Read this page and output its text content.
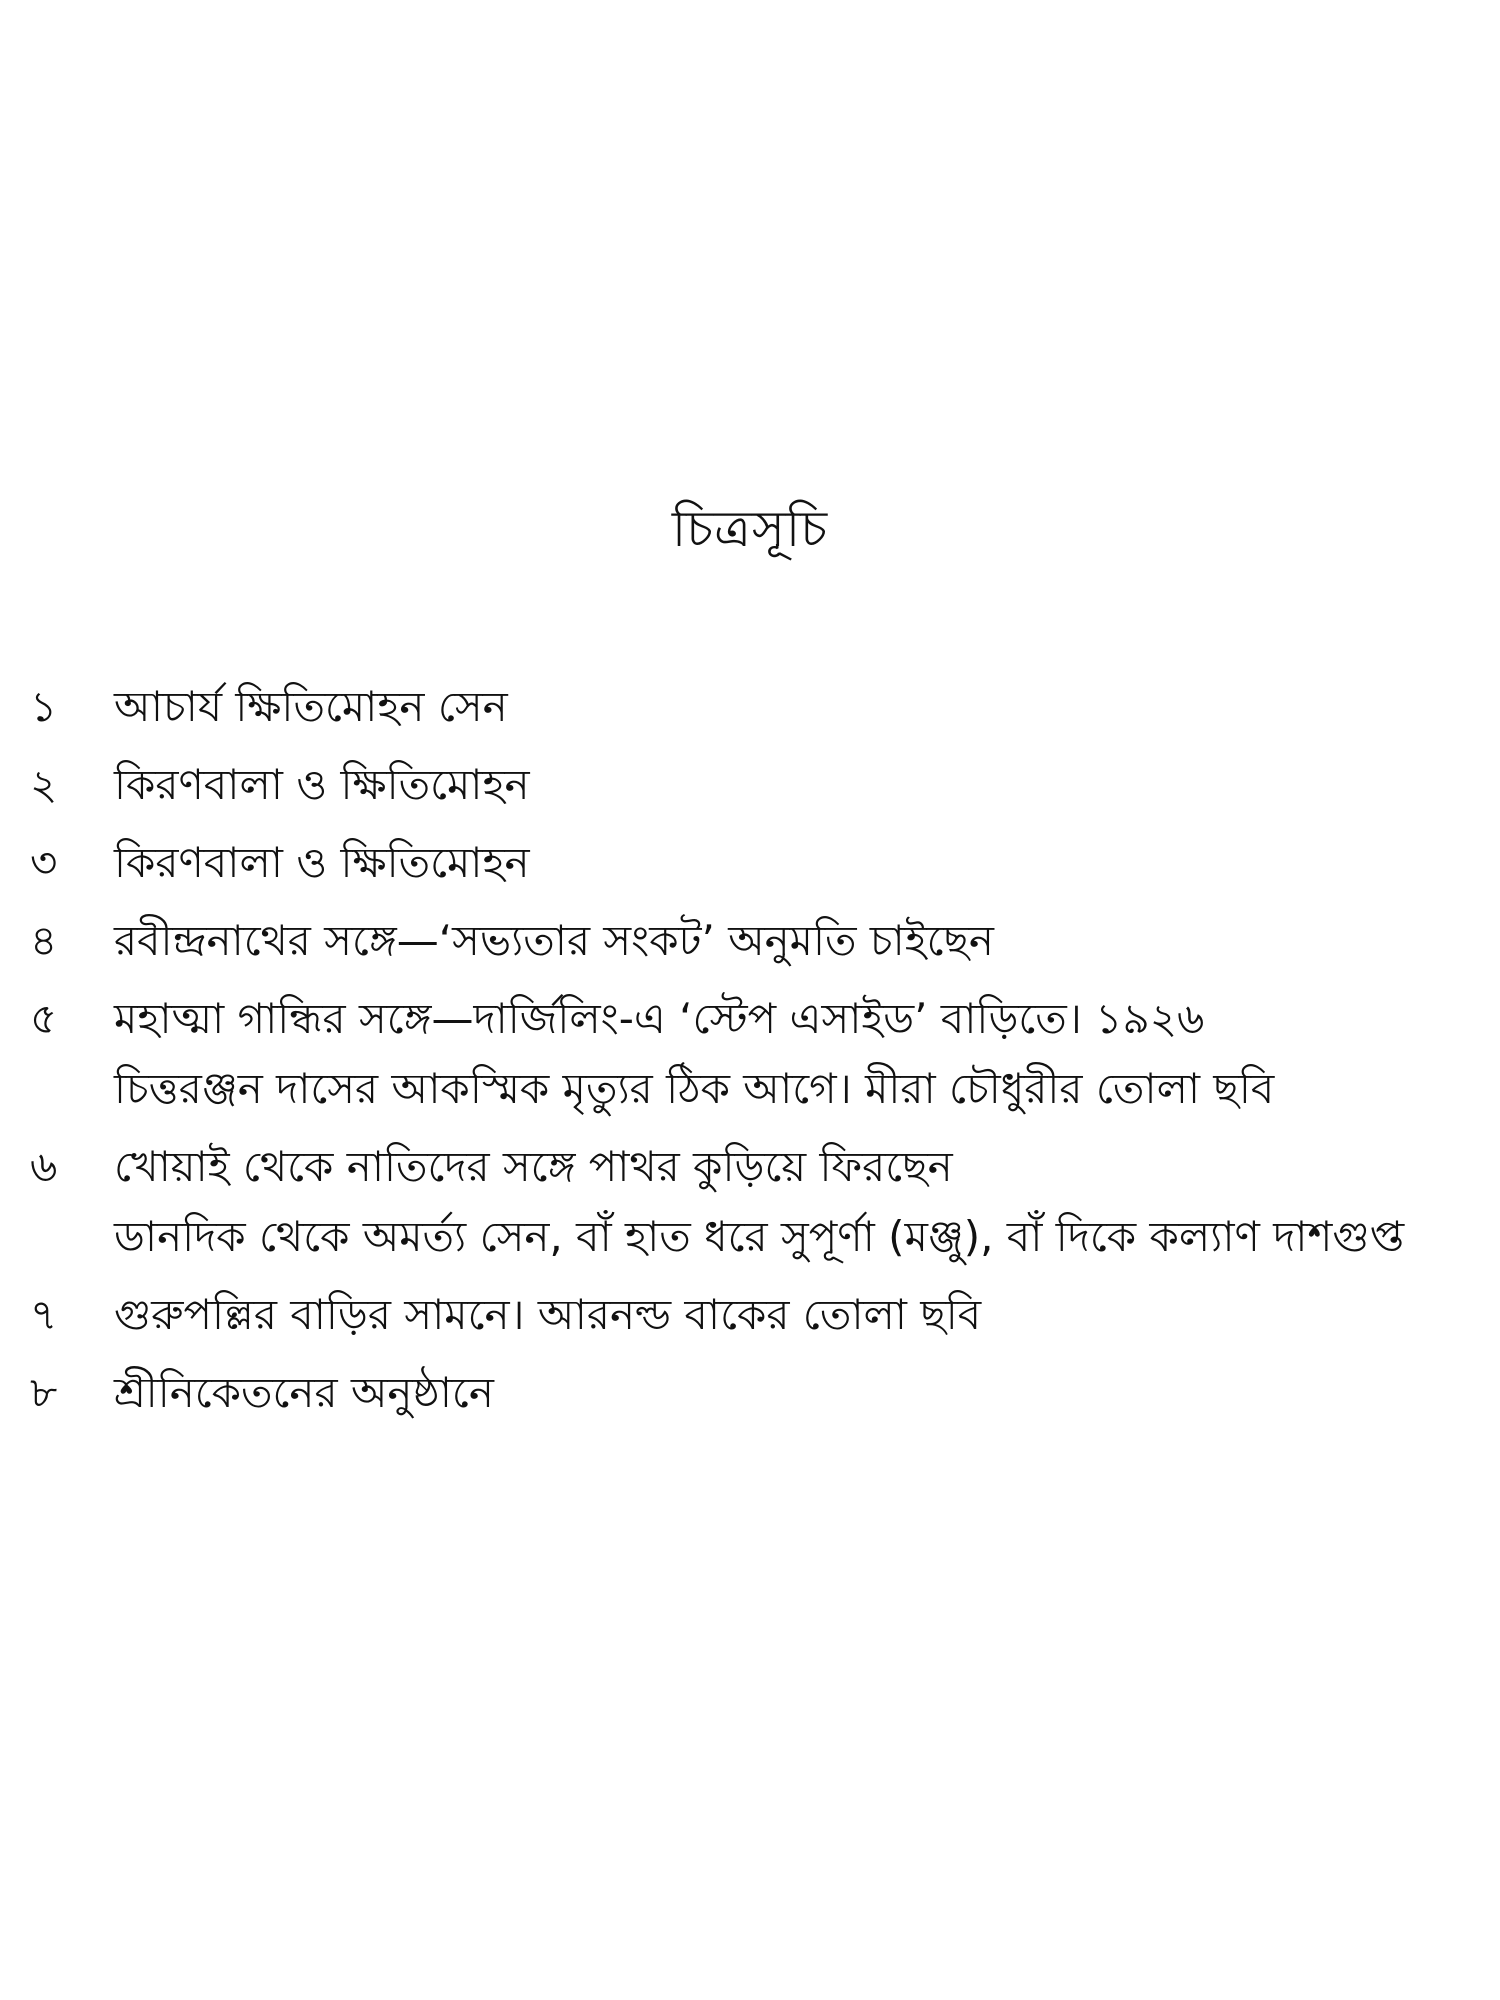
চিত্রসূচি
১	আচার্য ক্ষিতিমোহন সেন
২	কিরণবালা ও ক্ষিতিমোহন
৩	কিরণবালা ও ক্ষিতিমোহন
৪	রবীন্দ্রনাথের সঙ্গে—‘সভ্যতার সংকট’ অনুমতি চাইছেন
৫	মহাত্মা গান্ধির সঙ্গে—দার্জিলিং-এ ‘স্টেপ এসাইড’ বাড়িতে। ১৯২৬
চিত্তরঞ্জন দাসের আকস্মিক মৃত্যুর ঠিক আগে। মীরা চৌধুরীর তোলা ছবি
৬	খোয়াই থেকে নাতিদের সঙ্গে পাথর কুড়িয়ে ফিরছেন
ডানদিক থেকে অমর্ত্য সেন, বাঁ হাত ধরে সুপূর্ণা (মঞ্জু), বাঁ দিকে কল্যাণ দাশগুপ্ত
৭	গুরুপল্লির বাড়ির সামনে। আরনল্ড বাকের তোলা ছবি
৮	শ্রীনিকেতনের অনুষ্ঠানে
